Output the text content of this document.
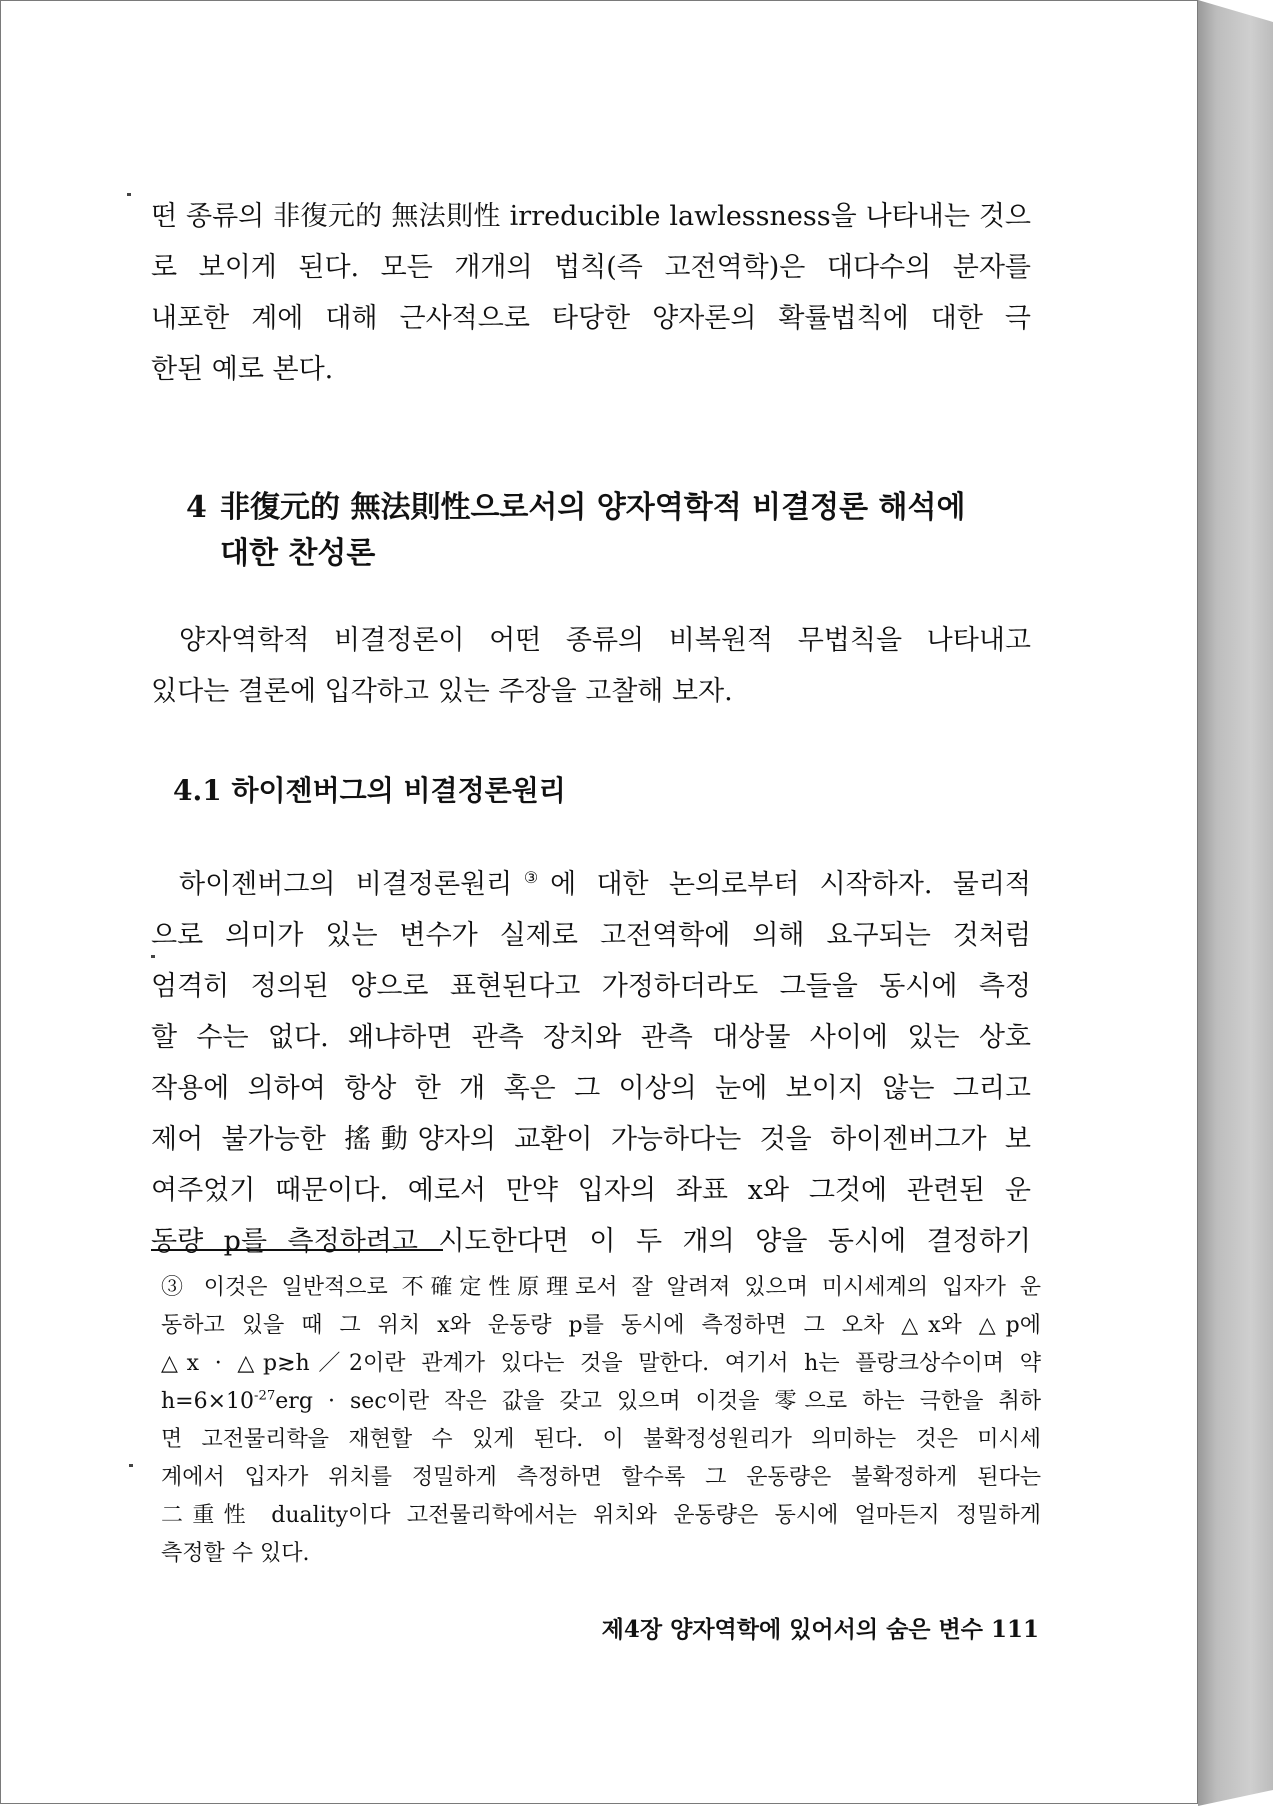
떤 종류의 非復元的 無法則性 irreducible lawlessness을 나타내는 것으

로 보이게 된다. 모든 개개의 법칙(즉 고전역학)은 대다수의 분자를

내포한 계에 대해 근사적으로 타당한 양자론의 확률법칙에 대한 극

한된 예로 본다.

4 非復元的 無法則性으로서의 양자역학적 비결정론 해석에
대한 찬성론

양자역학적 비결정론이 어떤 종류의 비복원적 무법칙을 나타내고

있다는 결론에 입각하고 있는 주장을 고찰해 보자.

4.1 하이젠버그의 비결정론원리

하이젠버그의 비결정론원리③에 대한 논의로부터 시작하자. 물리적

으로 의미가 있는 변수가 실제로 고전역학에 의해 요구되는 것처럼

엄격히 정의된 양으로 표현된다고 가정하더라도 그들을 동시에 측정

할 수는 없다. 왜냐하면 관측 장치와 관측 대상물 사이에 있는 상호

작용에 의하여 항상 한 개 혹은 그 이상의 눈에 보이지 않는 그리고

제어 불가능한 搖動양자의 교환이 가능하다는 것을 하이젠버그가 보

여주었기 때문이다. 예로서 만약 입자의 좌표 x와 그것에 관련된 운

동량 p를 측정하려고 시도한다면 이 두 개의 양을 동시에 결정하기

③ 이것은 일반적으로 不確定性原理로서 잘 알려져 있으며 미시세계의 입자가 운

동하고 있을 때 그 위치 x와 운동량 p를 동시에 측정하면 그 오차 △x와 △p에

△x · △p≳h／2이란 관계가 있다는 것을 말한다. 여기서 h는 플랑크상수이며 약

$h=6\times 10^{-27}erg \cdot \sec$이란 작은 값을 갖고 있으며 이것을 零으로 하는 극한을 취하

면 고전물리학을 재현할 수 있게 된다. 이 불확정성원리가 의미하는 것은 미시세

계에서 입자가 위치를 정밀하게 측정하면 할수록 그 운동량은 불확정하게 된다는

二重性 duality이다 고전물리학에서는 위치와 운동량은 동시에 얼마든지 정밀하게

측정할 수 있다.

제4장 양자역학에 있어서의 숨은 변수 111
